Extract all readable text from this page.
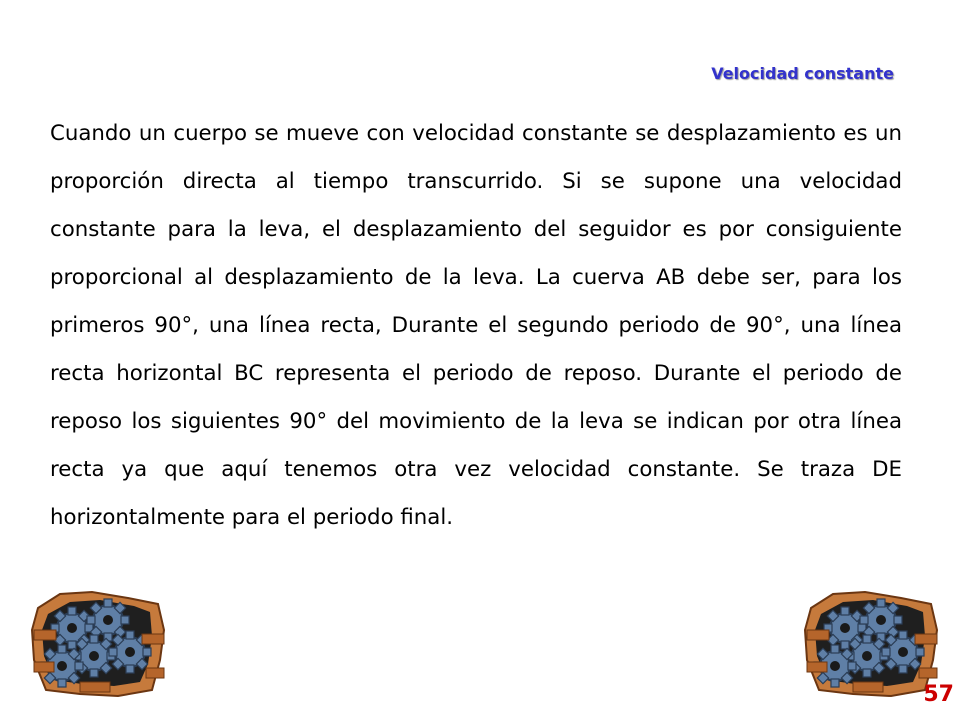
Velocidad constante

Cuando un cuerpo se mueve con velocidad constante se desplazamiento es un proporción directa al tiempo transcurrido. Si se supone una velocidad constante para la leva, el desplazamiento del seguidor es por consiguiente proporcional al desplazamiento de la leva. La cuerva AB debe ser, para los primeros 90°, una línea recta, Durante el segundo periodo de 90°, una línea recta horizontal BC representa el periodo de reposo. Durante el periodo de reposo los siguientes 90° del movimiento de la leva se indican por otra línea recta ya que aquí tenemos otra vez velocidad constante. Se traza DE horizontalmente para el periodo final.

57
